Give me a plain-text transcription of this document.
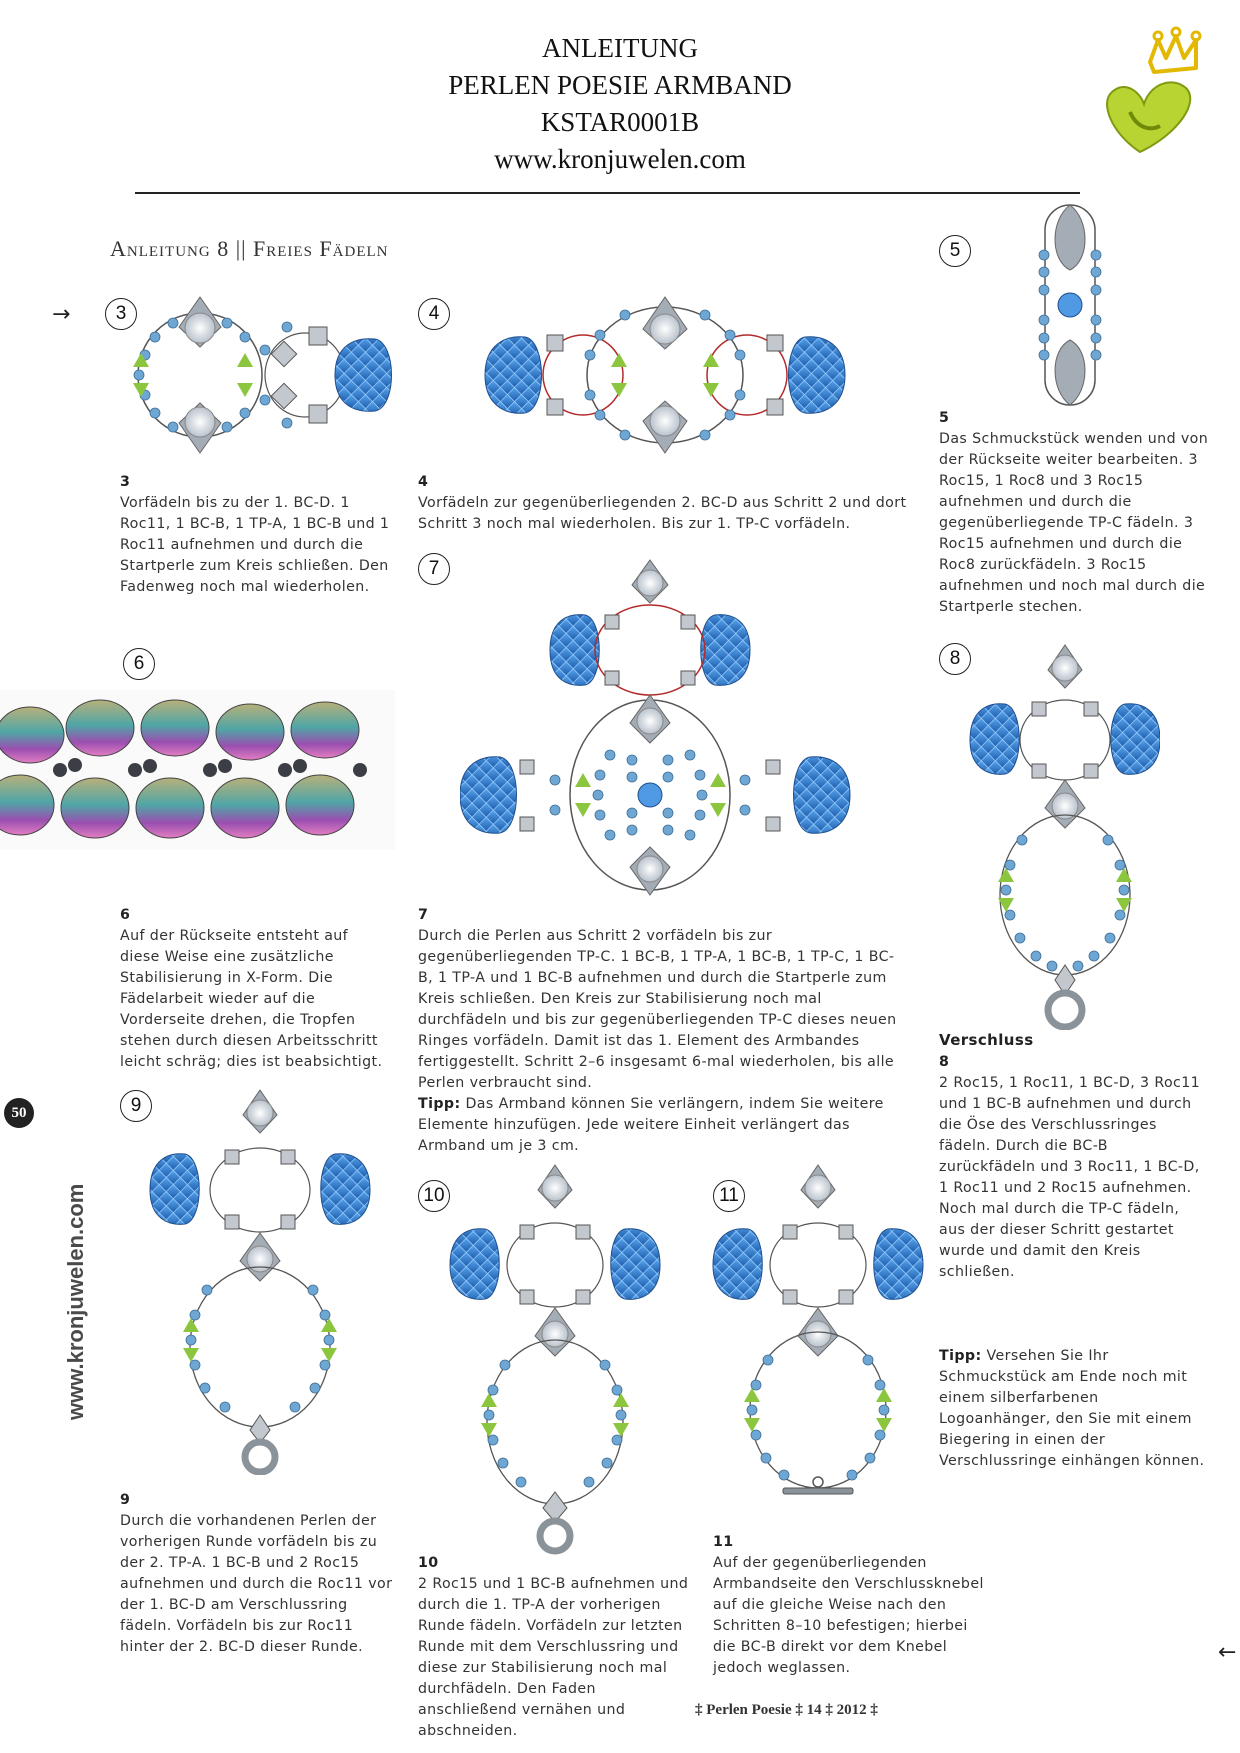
ANLEITUNG
PERLEN POESIE ARMBAND
KSTAR0001B
www.kronjuwelen.com
Anleitung 8 || Freies Fädeln
→
←
3	4
5
6
7
8
9
10	11
3
Vorfädeln bis zu der 1. BC-D. 1 Roc11, 1 BC-B, 1 TP-A, 1 BC-B und 1 Roc11 aufnehmen und durch die Startperle zum Kreis schließen. Den Fadenweg noch mal wiederholen.
4
Vorfädeln zur gegenüberliegenden 2. BC-D aus Schritt 2 und dort Schritt 3 noch mal wiederholen. Bis zur 1. TP-C vorfädeln.
5
Das Schmuckstück wenden und von der Rückseite weiter bearbeiten. 3 Roc15, 1 Roc8 und 3 Roc15 aufnehmen und durch die gegenüberliegende TP-C fädeln. 3 Roc15 aufnehmen und durch die Roc8 zurückfädeln. 3 Roc15 aufnehmen und noch mal durch die Startperle stechen.
6
Auf der Rückseite entsteht auf diese Weise eine zusätzliche Stabilisierung in X-Form. Die Fädelarbeit wieder auf die Vorderseite drehen, die Tropfen stehen durch diesen Arbeitsschritt leicht schräg; dies ist beabsichtigt.
7
Durch die Perlen aus Schritt 2 vorfädeln bis zur gegenüberliegenden TP-C. 1 BC-B, 1 TP-A, 1 BC-B, 1 TP-C, 1 BC-B, 1 TP-A und 1 BC-B aufnehmen und durch die Startperle zum Kreis schließen. Den Kreis zur Stabilisierung noch mal durchfädeln und bis zur gegenüberliegenden TP-C dieses neuen Ringes vorfädeln. Damit ist das 1. Element des Armbandes fertiggestellt. Schritt 2–6 insgesamt 6-mal wiederholen, bis alle Perlen verbraucht sind.
Tipp: Das Armband können Sie verlängern, indem Sie weitere Elemente hinzufügen. Jede weitere Einheit verlängert das Armband um je 3 cm.
Verschluss
8
2 Roc15, 1 Roc11, 1 BC-D, 3 Roc11 und 1 BC-B aufnehmen und durch die Öse des Verschlussringes fädeln. Durch die BC-B zurückfädeln und 3 Roc11, 1 BC-D, 1 Roc11 und 2 Roc15 aufnehmen. Noch mal durch die TP-C fädeln, aus der dieser Schritt gestartet wurde und damit den Kreis schließen.
Tipp: Versehen Sie Ihr Schmuckstück am Ende noch mit einem silberfarbenen Logoanhänger, den Sie mit einem Biegering in einen der Verschlussringe einhängen können.
9
Durch die vorhandenen Perlen der vorherigen Runde vorfädeln bis zu der 2. TP-A. 1 BC-B und 2 Roc15 aufnehmen und durch die Roc11 vor der 1. BC-D am Verschlussring fädeln. Vorfädeln bis zur Roc11 hinter der 2. BC-D dieser Runde.
10
2 Roc15 und 1 BC-B aufnehmen und durch die 1. TP-A der vorherigen Runde fädeln. Vorfädeln zur letzten Runde mit dem Verschlussring und diese zur Stabilisierung noch mal durchfädeln. Den Faden anschließend vernähen und abschneiden.
11
Auf der gegenüberliegenden Armbandseite den Verschlussknebel auf die gleiche Weise nach den Schritten 8–10 befestigen; hierbei die BC-B direkt vor dem Knebel jedoch weglassen.
www.kronjuwelen.com
50
‡ Perlen Poesie ‡ 14 ‡ 2012 ‡
